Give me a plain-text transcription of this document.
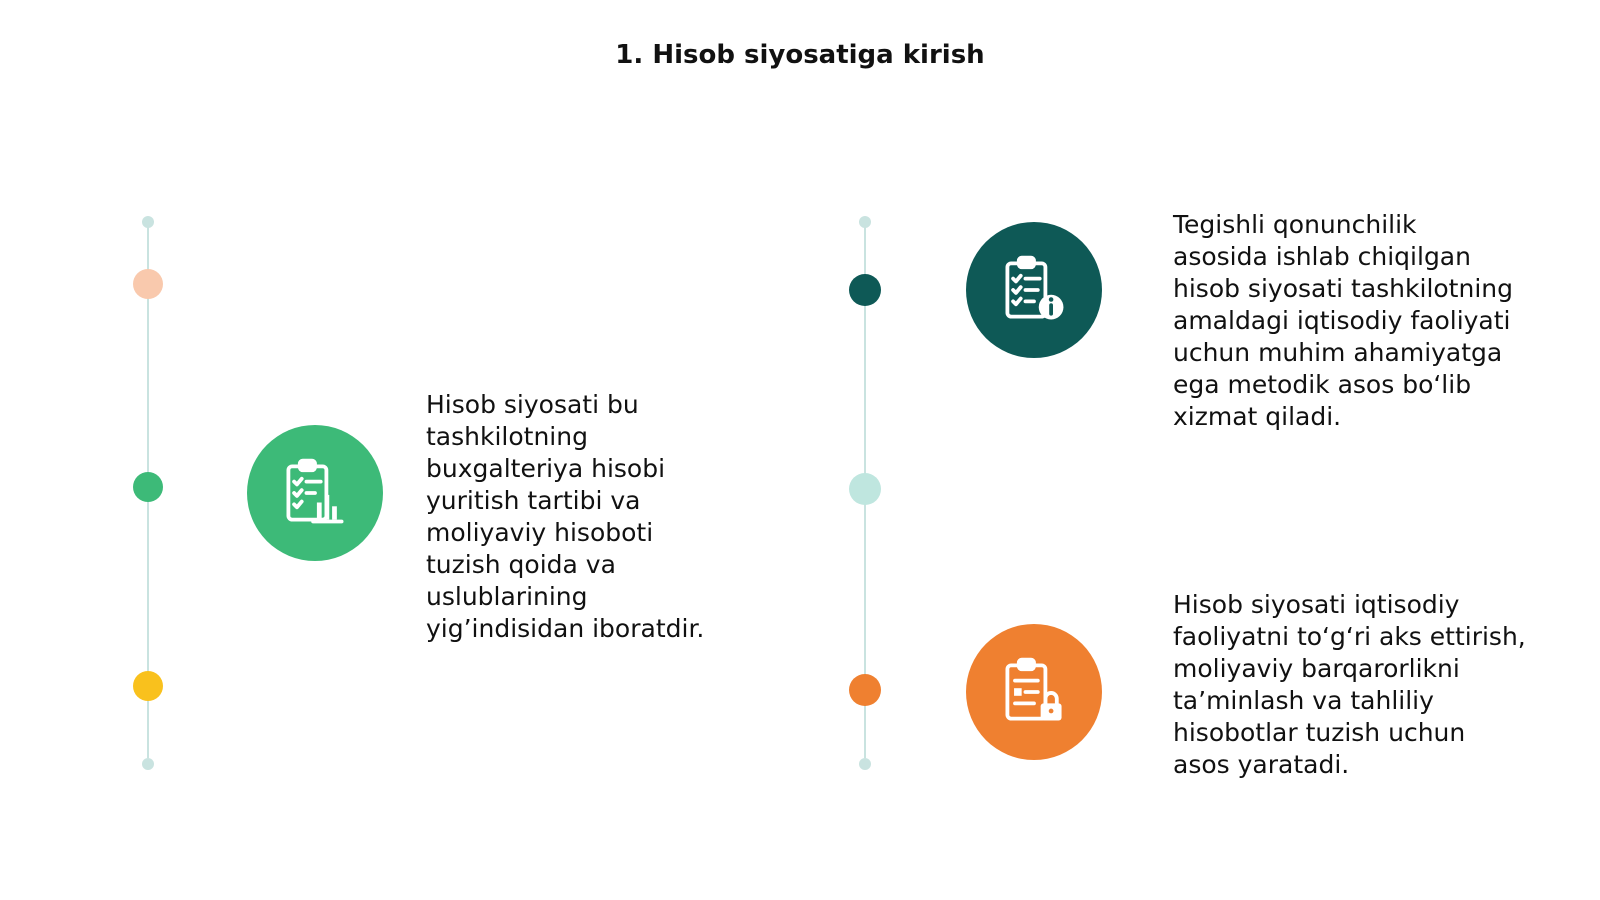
1. Hisob siyosatiga kirish
Hisob siyosati bu
tashkilotning
buxgalteriya hisobi
yuritish tartibi va
moliyaviy hisoboti
tuzish qoida va
uslublarining
yig’indisidan iboratdir.
Tegishli qonunchilik
asosida ishlab chiqilgan
hisob siyosati tashkilotning
amaldagi iqtisodiy faoliyati
uchun muhim ahamiyatga
ega metodik asos bo‘lib
xizmat qiladi.
Hisob siyosati iqtisodiy
faoliyatni to‘g‘ri aks ettirish,
moliyaviy barqarorlikni
ta’minlash va tahliliy
hisobotlar tuzish uchun
asos yaratadi.
